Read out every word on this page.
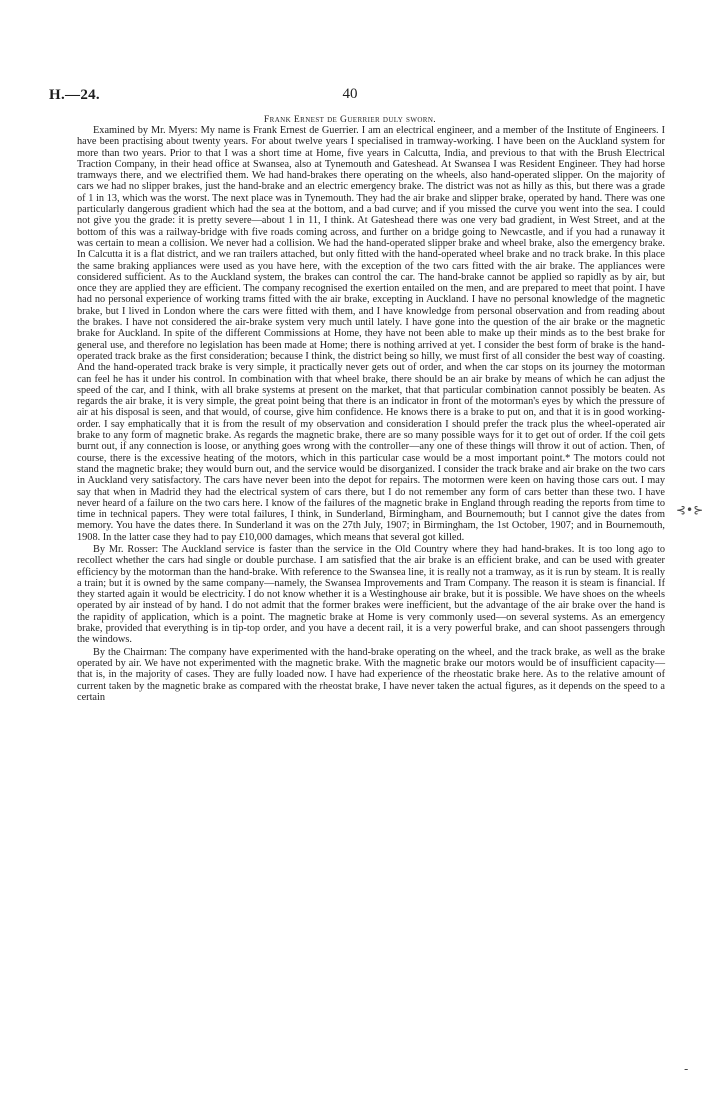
H.—24.	40
Frank Ernest de Guerrier duly sworn.

Examined by Mr. Myers: My name is Frank Ernest de Guerrier. I am an electrical engineer, and a member of the Institute of Engineers. I have been practising about twenty years. For about twelve years I specialised in tramway-working. I have been on the Auckland system for more than two years. Prior to that I was a short time at Home, five years in Calcutta, India, and previous to that with the Brush Electrical Traction Company, in their head office at Swansea, also at Tynemouth and Gateshead. At Swansea I was Resident Engineer. They had horse tramways there, and we electrified them. We had hand-brakes there operating on the wheels, also hand-operated slipper. On the majority of cars we had no slipper brakes, just the hand-brake and an electric emergency brake. The district was not as hilly as this, but there was a grade of 1 in 13, which was the worst. The next place was in Tynemouth. They had the air brake and slipper brake, operated by hand. There was one particularly dangerous gradient which had the sea at the bottom, and a bad curve; and if you missed the curve you went into the sea. I could not give you the grade: it is pretty severe—about 1 in 11, I think. At Gateshead there was one very bad gradient, in West Street, and at the bottom of this was a railway-bridge with five roads coming across, and further on a bridge going to Newcastle, and if you had a runaway it was certain to mean a collision. We never had a collision. We had the hand-operated slipper brake and wheel brake, also the emergency brake. In Calcutta it is a flat district, and we ran trailers attached, but only fitted with the hand-operated wheel brake and no track brake. In this place the same braking appliances were used as you have here, with the exception of the two cars fitted with the air brake. The appliances were considered sufficient. As to the Auckland system, the brakes can control the car. The hand-brake cannot be applied so rapidly as by air, but once they are applied they are efficient. The company recognised the exertion entailed on the men, and are prepared to meet that point. I have had no personal experience of working trams fitted with the air brake, excepting in Auckland. I have no personal knowledge of the magnetic brake, but I lived in London where the cars were fitted with them, and I have knowledge from personal observation and from reading about the brakes. I have not considered the air-brake system very much until lately. I have gone into the question of the air brake or the magnetic brake for Auckland. In spite of the different Commissions at Home, they have not been able to make up their minds as to the best brake for general use, and therefore no legislation has been made at Home; there is nothing arrived at yet. I consider the best form of brake is the hand-operated track brake as the first consideration; because I think, the district being so hilly, we must first of all consider the best way of coasting. And the hand-operated track brake is very simple, it practically never gets out of order, and when the car stops on its journey the motorman can feel he has it under his control. In combination with that wheel brake, there should be an air brake by means of which he can adjust the speed of the car, and I think, with all brake systems at present on the market, that that particular combination cannot possibly be beaten. As regards the air brake, it is very simple, the great point being that there is an indicator in front of the motorman's eyes by which the pressure of air at his disposal is seen, and that would, of course, give him confidence. He knows there is a brake to put on, and that it is in good working-order. I say emphatically that it is from the result of my observation and consideration I should prefer the track plus the wheel-operated air brake to any form of magnetic brake. As regards the magnetic brake, there are so many possible ways for it to get out of order. If the coil gets burnt out, if any connection is loose, or anything goes wrong with the controller—any one of these things will throw it out of action. Then, of course, there is the excessive heating of the motors, which in this particular case would be a most important point.* The motors could not stand the magnetic brake; they would burn out, and the service would be disorganized. I consider the track brake and air brake on the two cars in Auckland very satisfactory. The cars have never been into the depot for repairs. The motormen were keen on having those cars out. I may say that when in Madrid they had the electrical system of cars there, but I do not remember any form of cars better than these two. I have never heard of a failure on the two cars here. I know of the failures of the magnetic brake in England through reading the reports from time to time in technical papers. They were total failures, I think, in Sunderland, Birmingham, and Bournemouth; but I cannot give the dates from memory. You have the dates there. In Sunderland it was on the 27th July, 1907; in Birmingham, the 1st October, 1907; and in Bournemouth, 1908. In the latter case they had to pay £10,000 damages, which means that several got killed.

By Mr. Rosser: The Auckland service is faster than the service in the Old Country where they had hand-brakes. It is too long ago to recollect whether the cars had single or double purchase. I am satisfied that the air brake is an efficient brake, and can be used with greater efficiency by the motorman than the hand-brake. With reference to the Swansea line, it is really not a tramway, as it is run by steam. It is really a train; but it is owned by the same company—namely, the Swansea Improvements and Tram Company. The reason it is steam is financial. If they started again it would be electricity. I do not know whether it is a Westinghouse air brake, but it is possible. We have shoes on the wheels operated by air instead of by hand. I do not admit that the former brakes were inefficient, but the advantage of the air brake over the hand is the rapidity of application, which is a point. The magnetic brake at Home is very commonly used—on several systems. As an emergency brake, provided that everything is in tip-top order, and you have a decent rail, it is a very powerful brake, and can shoot passengers through the windows.

By the Chairman: The company have experimented with the hand-brake operating on the wheel, and the track brake, as well as the brake operated by air. We have not experimented with the magnetic brake. With the magnetic brake our motors would be of insufficient capacity—that is, in the majority of cases. They are fully loaded now. I have had experience of the rheostatic brake here. As to the relative amount of current taken by the magnetic brake as compared with the rheostat brake, I have never taken the actual figures, as it depends on the speed to a certain

⊰•⊱
-
